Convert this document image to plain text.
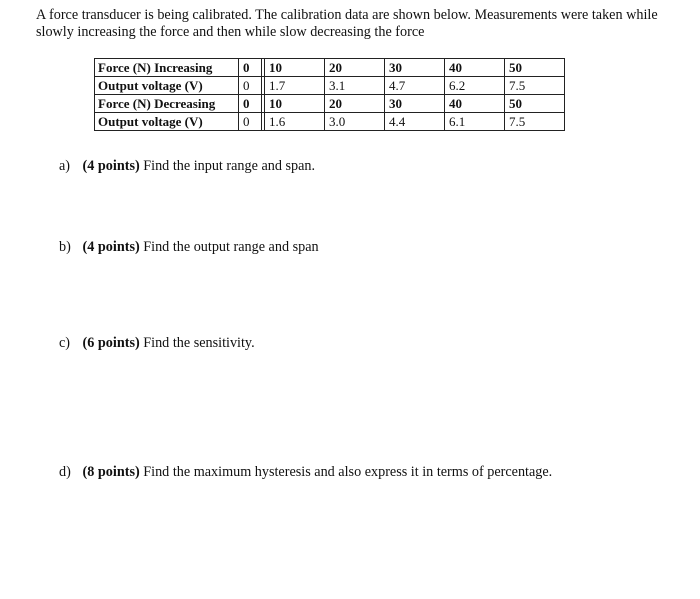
A force transducer is being calibrated. The calibration data are shown below. Measurements were taken while slowly increasing the force and then while slow decreasing the force

Force (N) Increasing	0		10	20	30	40	50
Output voltage (V)	0		1.7	3.1	4.7	6.2	7.5
Force (N) Decreasing	0		10	20	30	40	50
Output voltage (V)	0		1.6	3.0	4.4	6.1	7.5

a) (4 points) Find the input range and span.

b) (4 points) Find the output range and span

c) (6 points) Find the sensitivity.

d) (8 points) Find the maximum hysteresis and also express it in terms of percentage.
